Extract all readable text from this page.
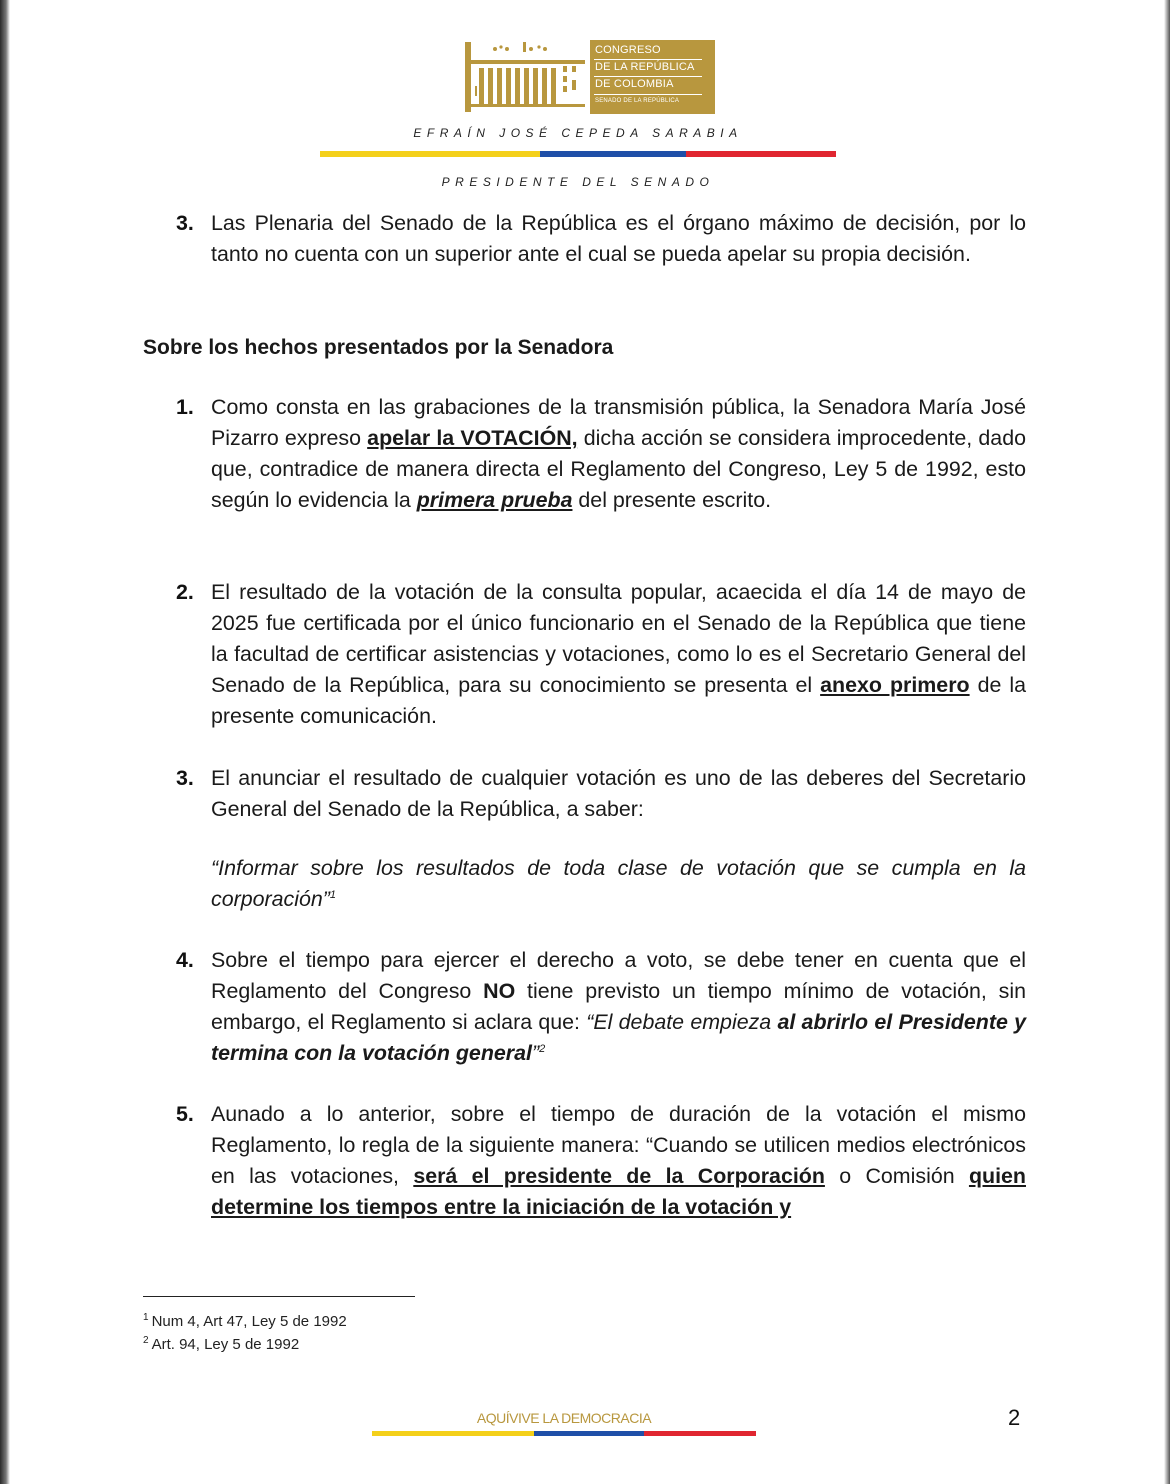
CONGRESO
DE LA REPÚBLICA
DE COLOMBIA
SENADO DE LA REPÚBLICA
EFRAÍN JOSÉ CEPEDA SARABIA
PRESIDENTE DEL SENADO
3. Las Plenaria del Senado de la República es el órgano máximo de decisión, por lo tanto no cuenta con un superior ante el cual se pueda apelar su propia decisión.
Sobre los hechos presentados por la Senadora
1. Como consta en las grabaciones de la transmisión pública, la Senadora María José Pizarro expreso apelar la VOTACIÓN, dicha acción se considera improcedente, dado que, contradice de manera directa el Reglamento del Congreso, Ley 5 de 1992, esto según lo evidencia la primera prueba del presente escrito.
2. El resultado de la votación de la consulta popular, acaecida el día 14 de mayo de 2025 fue certificada por el único funcionario en el Senado de la República que tiene la facultad de certificar asistencias y votaciones, como lo es el Secretario General del Senado de la República, para su conocimiento se presenta el anexo primero de la presente comunicación.
3. El anunciar el resultado de cualquier votación es uno de las deberes del Secretario General del Senado de la República, a saber:
“Informar sobre los resultados de toda clase de votación que se cumpla en la corporación”$^1$
4. Sobre el tiempo para ejercer el derecho a voto, se debe tener en cuenta que el Reglamento del Congreso NO tiene previsto un tiempo mínimo de votación, sin embargo, el Reglamento si aclara que: “El debate empieza al abrirlo el Presidente y termina con la votación general”$^2$
5. Aunado a lo anterior, sobre el tiempo de duración de la votación el mismo Reglamento, lo regla de la siguiente manera: “Cuando se utilicen medios electrónicos en las votaciones, será el presidente de la Corporación o Comisión quien determine los tiempos entre la iniciación de la votación y
$^1$ Num 4, Art 47, Ley 5 de 1992
$^2$ Art. 94, Ley 5 de 1992
AQUÍVIVE LA DEMOCRACIA	2
